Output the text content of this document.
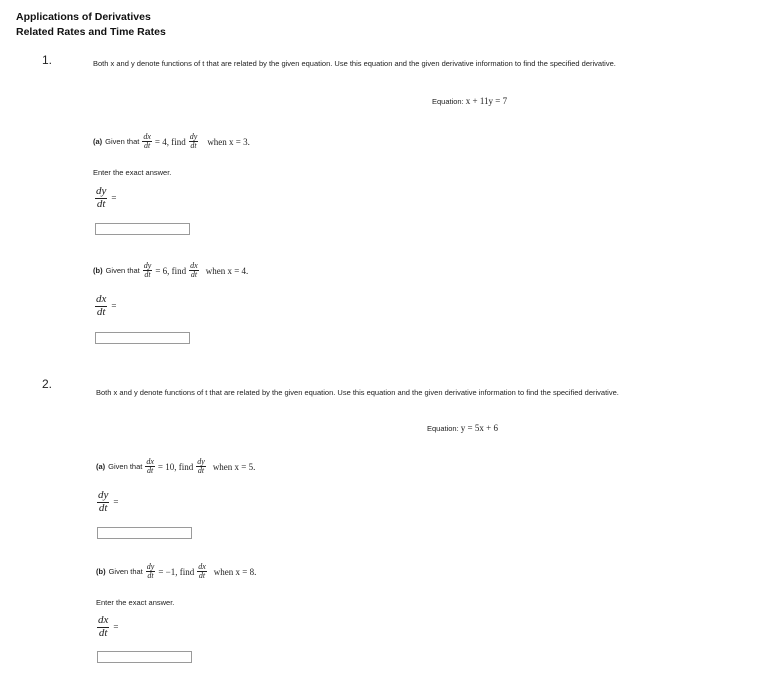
Applications of Derivatives
Related Rates and Time Rates
1.	Both x and y denote functions of t that are related by the given equation. Use this equation and the given derivative information to find the specified derivative.
Equation: x + 11y = 7
(a) Given that $\frac{dx}{dt} = 4$, find $\frac{dy}{dt}$ when x = 3.
Enter the exact answer.
$\frac{dy}{dt}$ =
(b) Given that $\frac{dy}{dt} = 6$, find $\frac{dx}{dt}$ when x = 4.
$\frac{dx}{dt}$ =
2.
Both x and y denote functions of t that are related by the given equation. Use this equation and the given derivative information to find the specified derivative.
Equation: y = 5x + 6
(a) Given that $\frac{dx}{dt} = 10$, find $\frac{dy}{dt}$ when x = 5.
$\frac{dy}{dt}$ =
(b) Given that $\frac{dy}{dt} = -1$, find $\frac{dx}{dt}$ when x = 8.
Enter the exact answer.
$\frac{dx}{dt}$ =
